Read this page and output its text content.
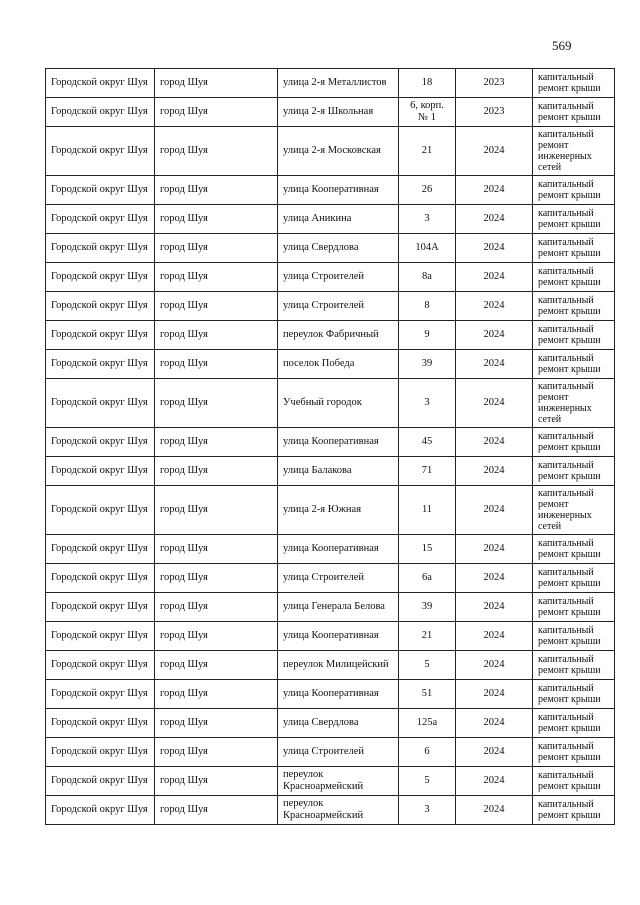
569
Городской округ Шуя	город Шуя	улица 2-я Металлистов	18	2023	капитальный ремонт крыши
Городской округ Шуя	город Шуя	улица 2-я Школьная	6, корп. № 1	2023	капитальный ремонт крыши
Городской округ Шуя	город Шуя	улица 2-я Московская	21	2024	капитальный ремонт инженерных сетей
Городской округ Шуя	город Шуя	улица Кооперативная	26	2024	капитальный ремонт крыши
Городской округ Шуя	город Шуя	улица Аникина	3	2024	капитальный ремонт крыши
Городской округ Шуя	город Шуя	улица Свердлова	104А	2024	капитальный ремонт крыши
Городской округ Шуя	город Шуя	улица Строителей	8а	2024	капитальный ремонт крыши
Городской округ Шуя	город Шуя	улица Строителей	8	2024	капитальный ремонт крыши
Городской округ Шуя	город Шуя	переулок Фабричный	9	2024	капитальный ремонт крыши
Городской округ Шуя	город Шуя	поселок Победа	39	2024	капитальный ремонт крыши
Городской округ Шуя	город Шуя	Учебный городок	3	2024	капитальный ремонт инженерных сетей
Городской округ Шуя	город Шуя	улица Кооперативная	45	2024	капитальный ремонт крыши
Городской округ Шуя	город Шуя	улица Балакова	71	2024	капитальный ремонт крыши
Городской округ Шуя	город Шуя	улица 2-я Южная	11	2024	капитальный ремонт инженерных сетей
Городской округ Шуя	город Шуя	улица Кооперативная	15	2024	капитальный ремонт крыши
Городской округ Шуя	город Шуя	улица Строителей	6а	2024	капитальный ремонт крыши
Городской округ Шуя	город Шуя	улица Генерала Белова	39	2024	капитальный ремонт крыши
Городской округ Шуя	город Шуя	улица Кооперативная	21	2024	капитальный ремонт крыши
Городской округ Шуя	город Шуя	переулок Милицейский	5	2024	капитальный ремонт крыши
Городской округ Шуя	город Шуя	улица Кооперативная	51	2024	капитальный ремонт крыши
Городской округ Шуя	город Шуя	улица Свердлова	125а	2024	капитальный ремонт крыши
Городской округ Шуя	город Шуя	улица Строителей	6	2024	капитальный ремонт крыши
Городской округ Шуя	город Шуя	переулок Красноармейский	5	2024	капитальный ремонт крыши
Городской округ Шуя	город Шуя	переулок Красноармейский	3	2024	капитальный ремонт крыши
